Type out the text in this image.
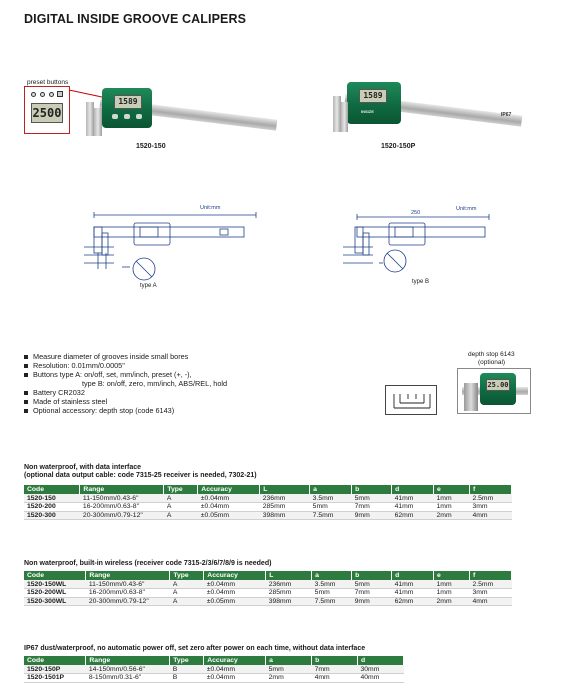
DIGITAL INSIDE GROOVE CALIPERS
preset buttons
2500
1589
1520-150
1589
INSIZE
IP67
1520-150P
Unit:mm
type A
250
Unit:mm
type B
Measure diameter of grooves inside small bores
Resolution: 0.01mm/0.0005"
Buttons type A: on/off, set, mm/inch, preset (+, -),
type B: on/off, zero, mm/inch, ABS/REL, hold
Battery CR2032
Made of stainless steel
Optional accessory: depth stop (code 6143)
depth stop 6143
(optional)
25.00
Non waterproof, with data interface
(optional data output cable: code 7315-25 receiver is needed, 7302-21)
Code	Range	Type	Accuracy	L	a	b	d	e	f
1520-150	11-150mm/0.43-6"	A	±0.04mm	236mm	3.5mm	5mm	41mm	1mm	2.5mm
1520-200	16-200mm/0.63-8"	A	±0.04mm	285mm	5mm	7mm	41mm	1mm	3mm
1520-300	20-300mm/0.79-12"	A	±0.05mm	398mm	7.5mm	9mm	62mm	2mm	4mm
Non waterproof, built-in wireless (receiver code 7315-2/3/6/7/8/9 is needed)
Code	Range	Type	Accuracy	L	a	b	d	e	f
1520-150WL	11-150mm/0.43-6"	A	±0.04mm	236mm	3.5mm	5mm	41mm	1mm	2.5mm
1520-200WL	16-200mm/0.63-8"	A	±0.04mm	285mm	5mm	7mm	41mm	1mm	3mm
1520-300WL	20-300mm/0.79-12"	A	±0.05mm	398mm	7.5mm	9mm	62mm	2mm	4mm
IP67 dust/waterproof, no automatic power off, set zero after power on each time, without data interface
Code	Range	Type	Accuracy	a	b	d
1520-150P	14-150mm/0.56-6"	B	±0.04mm	5mm	7mm	30mm
1520-1501P	8-150mm/0.31-6"	B	±0.04mm	2mm	4mm	40mm
